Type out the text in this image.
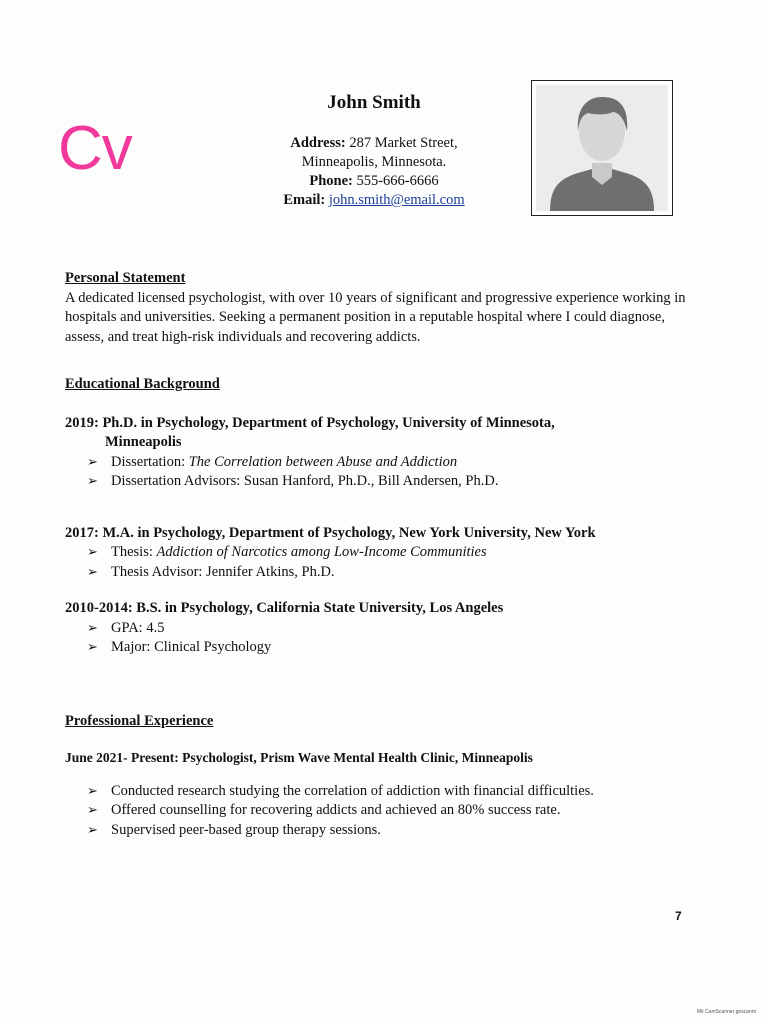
Cv
John Smith
Address: 287 Market Street,
Minneapolis, Minnesota.
Phone: 555-666-6666
Email: john.smith@email.com
Personal Statement

A dedicated licensed psychologist, with over 10 years of significant and progressive experience working in hospitals and universities. Seeking a permanent position in a reputable hospital where I could diagnose, assess, and treat high-risk individuals and recovering addicts.

Educational Background
2019: Ph.D. in Psychology, Department of Psychology, University of Minnesota,
Minneapolis
➢ Dissertation: The Correlation between Abuse and Addiction
➢ Dissertation Advisors: Susan Hanford, Ph.D., Bill Andersen, Ph.D.
2017: M.A. in Psychology, Department of Psychology, New York University, New York
➢ Thesis: Addiction of Narcotics among Low-Income Communities
➢ Thesis Advisor: Jennifer Atkins, Ph.D.
2010-2014: B.S. in Psychology, California State University, Los Angeles
➢ GPA: 4.5
➢ Major: Clinical Psychology
Professional Experience
June 2021- Present: Psychologist, Prism Wave Mental Health Clinic, Minneapolis
➢ Conducted research studying the correlation of addiction with financial difficulties.
➢ Offered counselling for recovering addicts and achieved an 80% success rate.
➢ Supervised peer-based group therapy sessions.
7
Mit CamScanner gescannt
